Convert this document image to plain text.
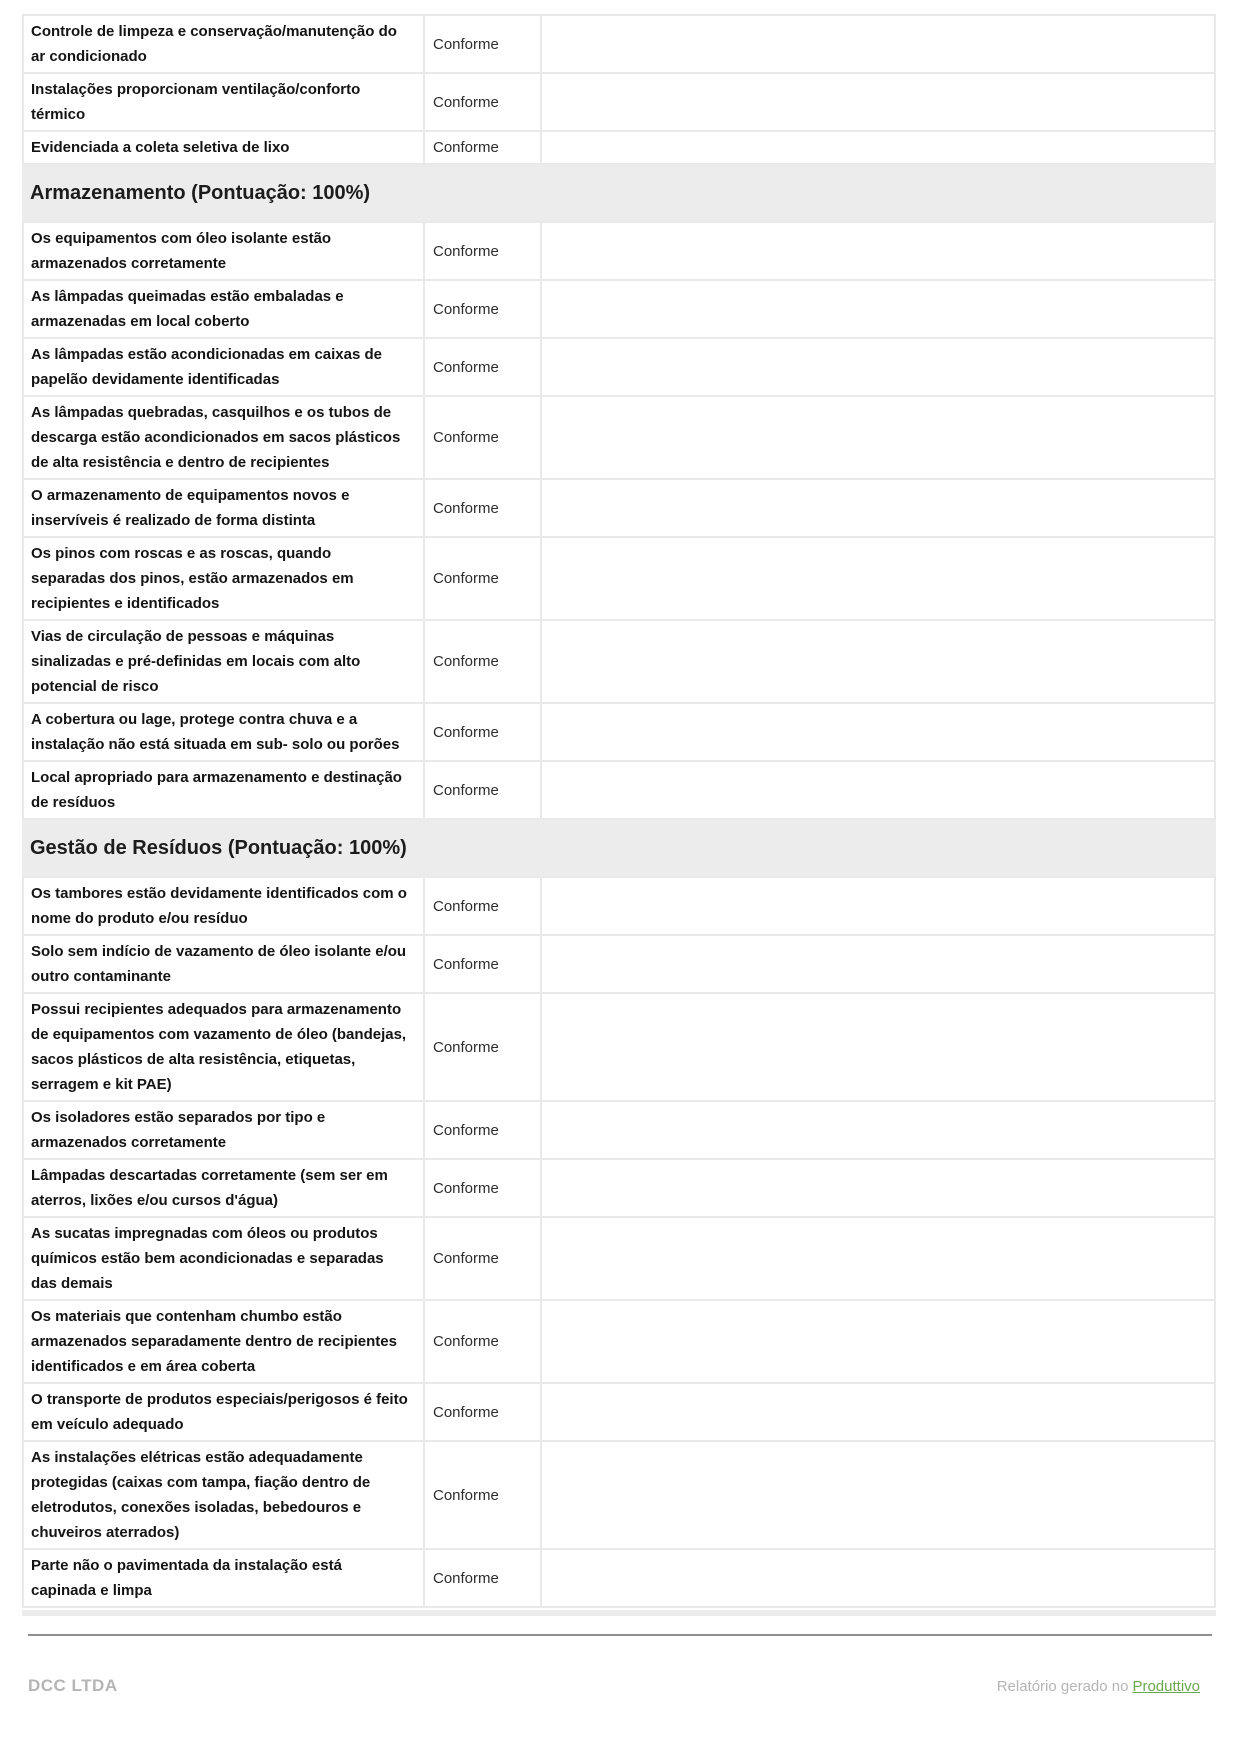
Controle de limpeza e conservação/manutenção do ar condicionado	Conforme	
Instalações proporcionam ventilação/conforto térmico	Conforme	
Evidenciada a coleta seletiva de lixo	Conforme	
Armazenamento (Pontuação: 100%)
Os equipamentos com óleo isolante estão armazenados corretamente	Conforme	
As lâmpadas queimadas estão embaladas e armazenadas em local coberto	Conforme	
As lâmpadas estão acondicionadas em caixas de papelão devidamente identificadas	Conforme	
As lâmpadas quebradas, casquilhos e os tubos de descarga estão acondicionados em sacos plásticos de alta resistência e dentro de recipientes	Conforme	
O armazenamento de equipamentos novos e inservíveis é realizado de forma distinta	Conforme	
Os pinos com roscas e as roscas, quando separadas dos pinos, estão armazenados em recipientes e identificados	Conforme	
Vias de circulação de pessoas e máquinas sinalizadas e pré-definidas em locais com alto potencial de risco	Conforme	
A cobertura ou lage, protege contra chuva e a instalação não está situada em sub- solo ou porões	Conforme	
Local apropriado para armazenamento e destinação de resíduos	Conforme	
Gestão de Resíduos (Pontuação: 100%)
Os tambores estão devidamente identificados com o nome do produto e/ou resíduo	Conforme	
Solo sem indício de vazamento de óleo isolante e/ou outro contaminante	Conforme	
Possui recipientes adequados para armazenamento de equipamentos com vazamento de óleo (bandejas, sacos plásticos de alta resistência, etiquetas, serragem e kit PAE)	Conforme	
Os isoladores estão separados por tipo e armazenados corretamente	Conforme	
Lâmpadas descartadas corretamente (sem ser em aterros, lixões e/ou cursos d'água)	Conforme	
As sucatas impregnadas com óleos ou produtos químicos estão bem acondicionadas e separadas das demais	Conforme	
Os materiais que contenham chumbo estão armazenados separadamente dentro de recipientes identificados e em área coberta	Conforme	
O transporte de produtos especiais/perigosos é feito em veículo adequado	Conforme	
As instalações elétricas estão adequadamente protegidas (caixas com tampa, fiação dentro de eletrodutos, conexões isoladas, bebedouros e chuveiros aterrados)	Conforme	
Parte não o pavimentada da instalação está capinada e limpa	Conforme	
DCC LTDA	Relatório gerado no Produttivo
